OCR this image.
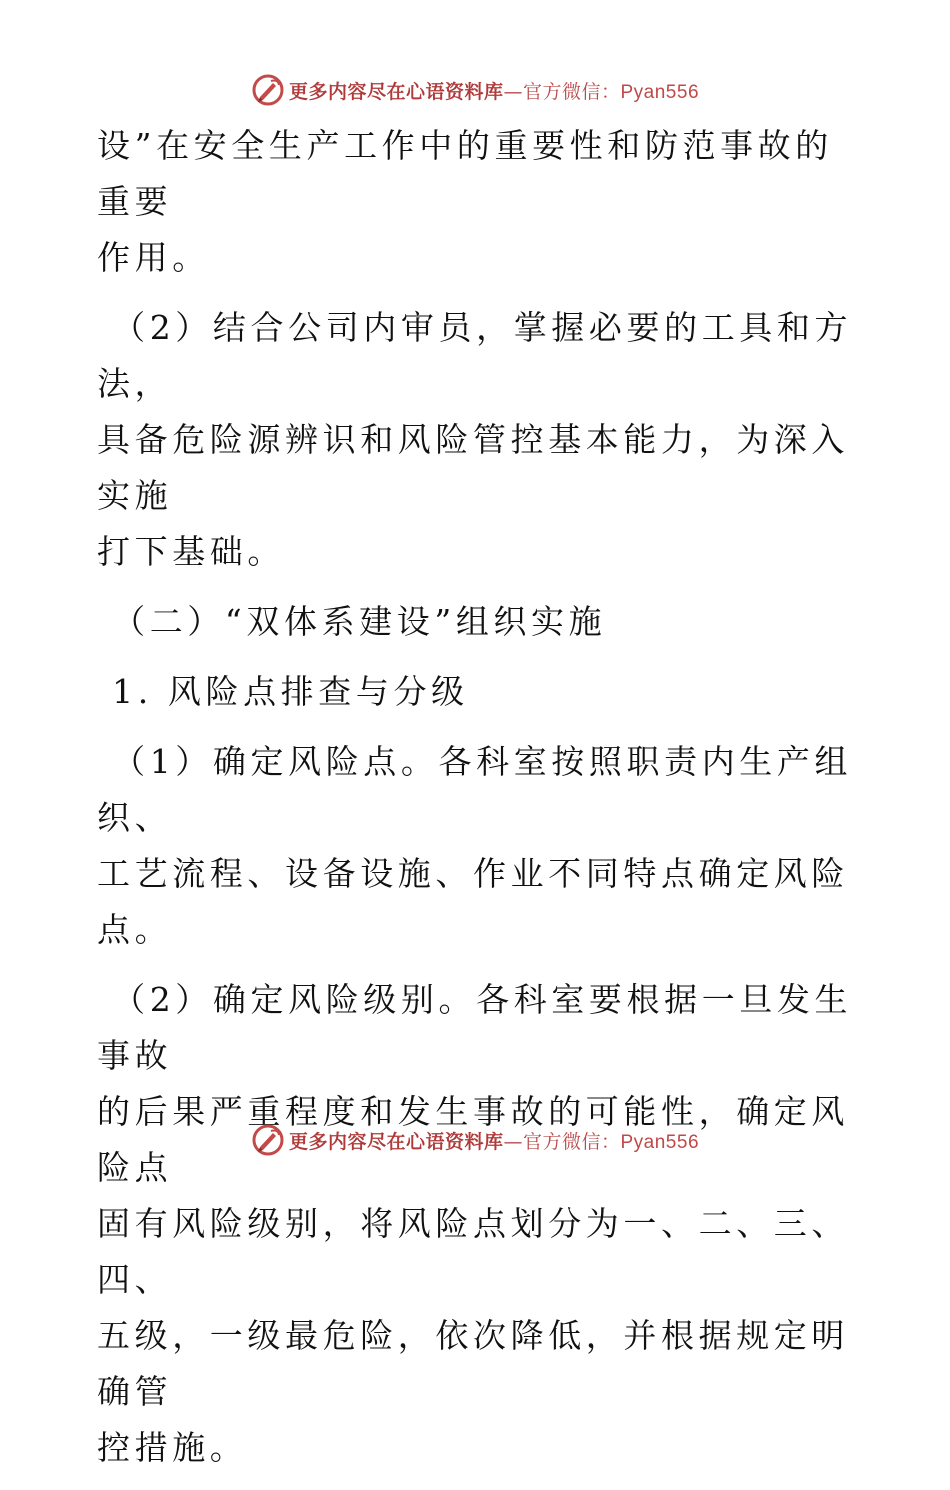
更多内容尽在心语资料库—官方微信：Pyan556
设”在安全生产工作中的重要性和防范事故的重要
作用。
（2）结合公司内审员，掌握必要的工具和方法，
具备危险源辨识和风险管控基本能力，为深入实施
打下基础。
（二）“双体系建设”组织实施
1. 风险点排查与分级
（1）确定风险点。各科室按照职责内生产组织、
工艺流程、设备设施、作业不同特点确定风险点。
（2）确定风险级别。各科室要根据一旦发生事故
的后果严重程度和发生事故的可能性，确定风险点
固有风险级别，将风险点划分为一、二、三、四、
五级，一级最危险，依次降低，并根据规定明确管
控措施。
更多内容尽在心语资料库—官方微信：Pyan556
